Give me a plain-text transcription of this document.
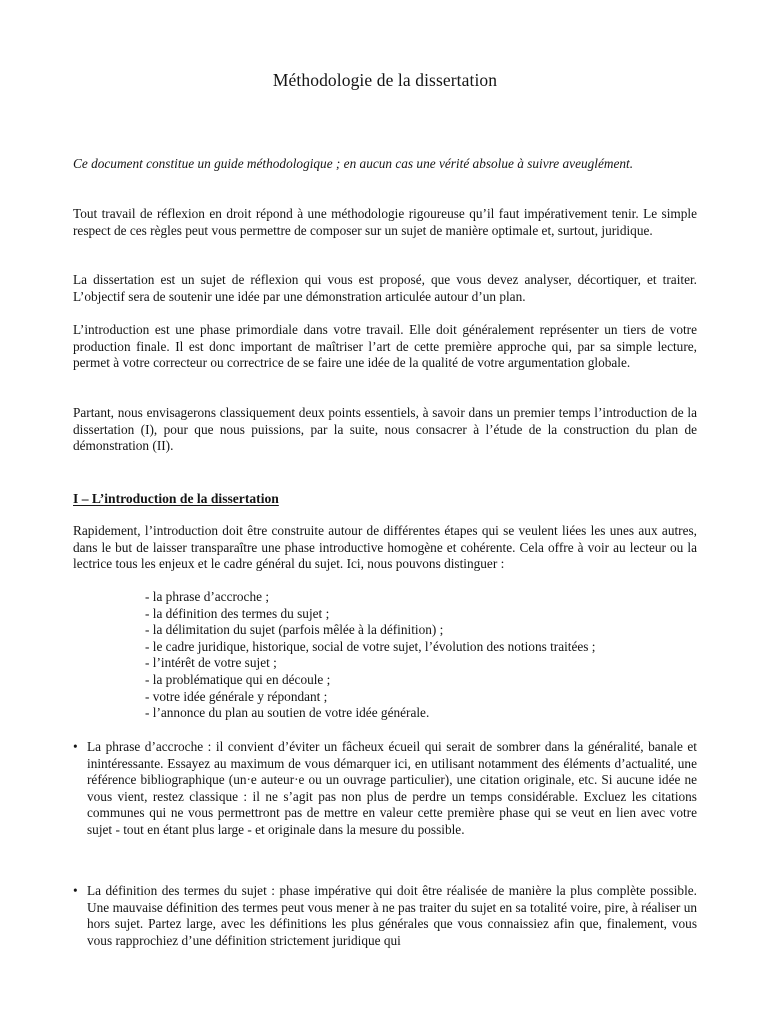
Méthodologie de la dissertation

Ce document constitue un guide méthodologique ; en aucun cas une vérité absolue à suivre aveuglément.

Tout travail de réflexion en droit répond à une méthodologie rigoureuse qu’il faut impérativement tenir. Le simple respect de ces règles peut vous permettre de composer sur un sujet de manière optimale et, surtout, juridique.

La dissertation est un sujet de réflexion qui vous est proposé, que vous devez analyser, décortiquer, et traiter. L’objectif sera de soutenir une idée par une démonstration articulée autour d’un plan.

L’introduction est une phase primordiale dans votre travail. Elle doit généralement représenter un tiers de votre production finale. Il est donc important de maîtriser l’art de cette première approche qui, par sa simple lecture, permet à votre correcteur ou correctrice de se faire une idée de la qualité de votre argumentation globale.

Partant, nous envisagerons classiquement deux points essentiels, à savoir dans un premier temps l’introduction de la dissertation (I), pour que nous puissions, par la suite, nous consacrer à l’étude de la construction du plan de démonstration (II).

I – L’introduction de la dissertation

Rapidement, l’introduction doit être construite autour de différentes étapes qui se veulent liées les unes aux autres, dans le but de laisser transparaître une phase introductive homogène et cohérente. Cela offre à voir au lecteur ou la lectrice tous les enjeux et le cadre général du sujet. Ici, nous pouvons distinguer :

- la phrase d’accroche ;
- la définition des termes du sujet ;
- la délimitation du sujet (parfois mêlée à la définition) ;
- le cadre juridique, historique, social de votre sujet, l’évolution des notions traitées ;
- l’intérêt de votre sujet ;
- la problématique qui en découle ;
- votre idée générale y répondant ;
- l’annonce du plan au soutien de votre idée générale.
• La phrase d’accroche : il convient d’éviter un fâcheux écueil qui serait de sombrer dans la généralité, banale et inintéressante. Essayez au maximum de vous démarquer ici, en utilisant notamment des éléments d’actualité, une référence bibliographique (un·e auteur·e ou un ouvrage particulier), une citation originale, etc. Si aucune idée ne vous vient, restez classique : il ne s’agit pas non plus de perdre un temps considérable. Excluez les citations communes qui ne vous permettront pas de mettre en valeur cette première phase qui se veut en lien avec votre sujet - tout en étant plus large - et originale dans la mesure du possible.

• La définition des termes du sujet : phase impérative qui doit être réalisée de manière la plus complète possible. Une mauvaise définition des termes peut vous mener à ne pas traiter du sujet en sa totalité voire, pire, à réaliser un hors sujet. Partez large, avec les définitions les plus générales que vous connaissiez afin que, finalement, vous vous rapprochiez d’une définition strictement juridique qui
